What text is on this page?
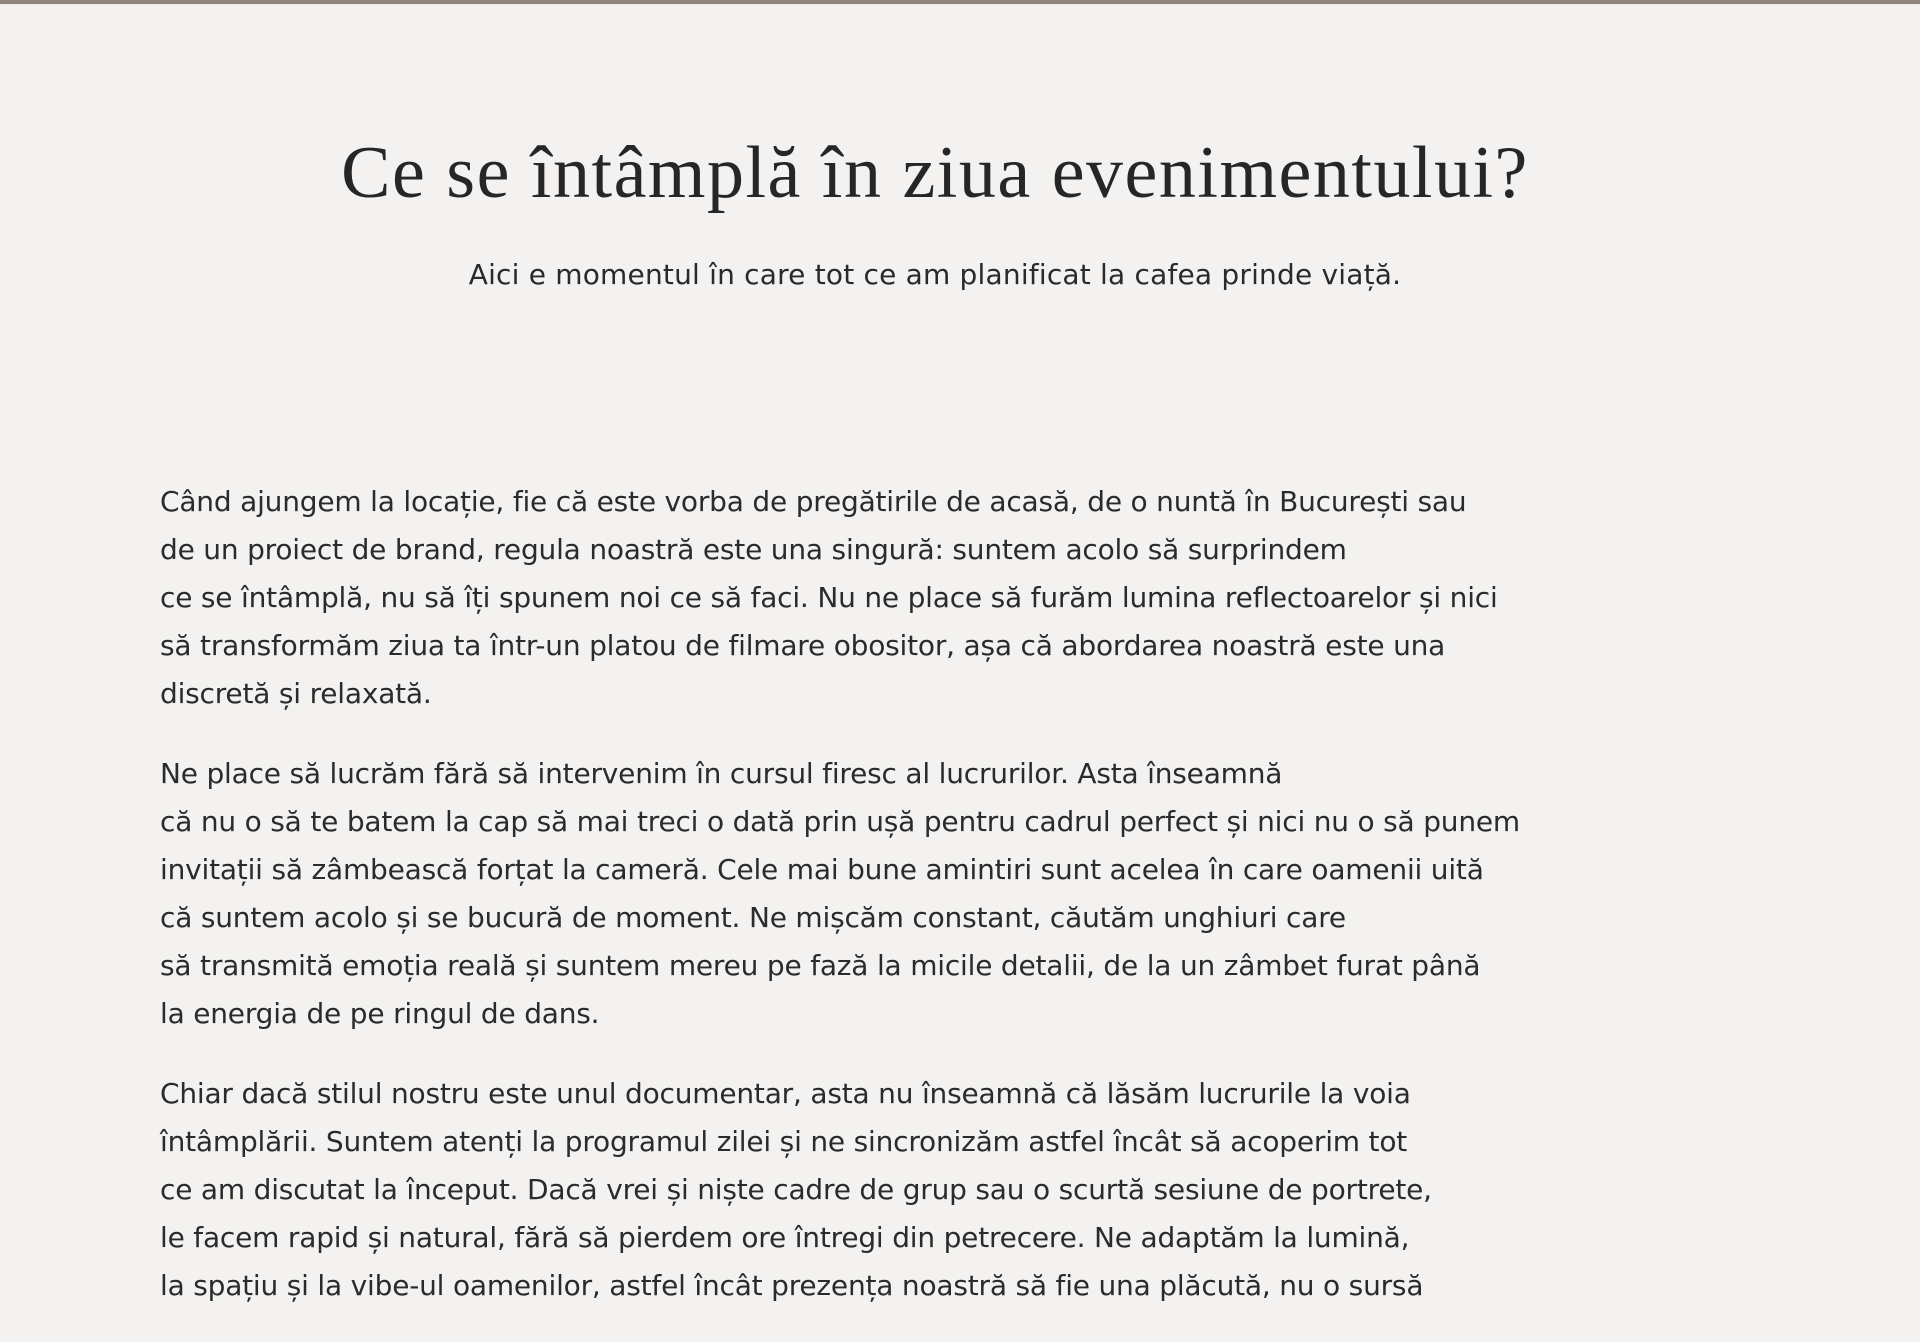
Ce se întâmplă în ziua evenimentului?

Aici e momentul în care tot ce am planificat la cafea prinde viață.

Când ajungem la locație, fie că este vorba de pregătirile de acasă, de o nuntă în București sau
de un proiect de brand, regula noastră este una singură: suntem acolo să surprindem
ce se întâmplă, nu să îți spunem noi ce să faci. Nu ne place să furăm lumina reflectoarelor și nici
să transformăm ziua ta într-un platou de filmare obositor, așa că abordarea noastră este una
discretă și relaxată.

Ne place să lucrăm fără să intervenim în cursul firesc al lucrurilor. Asta înseamnă
că nu o să te batem la cap să mai treci o dată prin ușă pentru cadrul perfect și nici nu o să punem
invitații să zâmbească forțat la cameră. Cele mai bune amintiri sunt acelea în care oamenii uită
că suntem acolo și se bucură de moment. Ne mișcăm constant, căutăm unghiuri care
să transmită emoția reală și suntem mereu pe fază la micile detalii, de la un zâmbet furat până
la energia de pe ringul de dans.

Chiar dacă stilul nostru este unul documentar, asta nu înseamnă că lăsăm lucrurile la voia
întâmplării. Suntem atenți la programul zilei și ne sincronizăm astfel încât să acoperim tot
ce am discutat la început. Dacă vrei și niște cadre de grup sau o scurtă sesiune de portrete,
le facem rapid și natural, fără să pierdem ore întregi din petrecere. Ne adaptăm la lumină,
la spațiu și la vibe-ul oamenilor, astfel încât prezența noastră să fie una plăcută, nu o sursă
